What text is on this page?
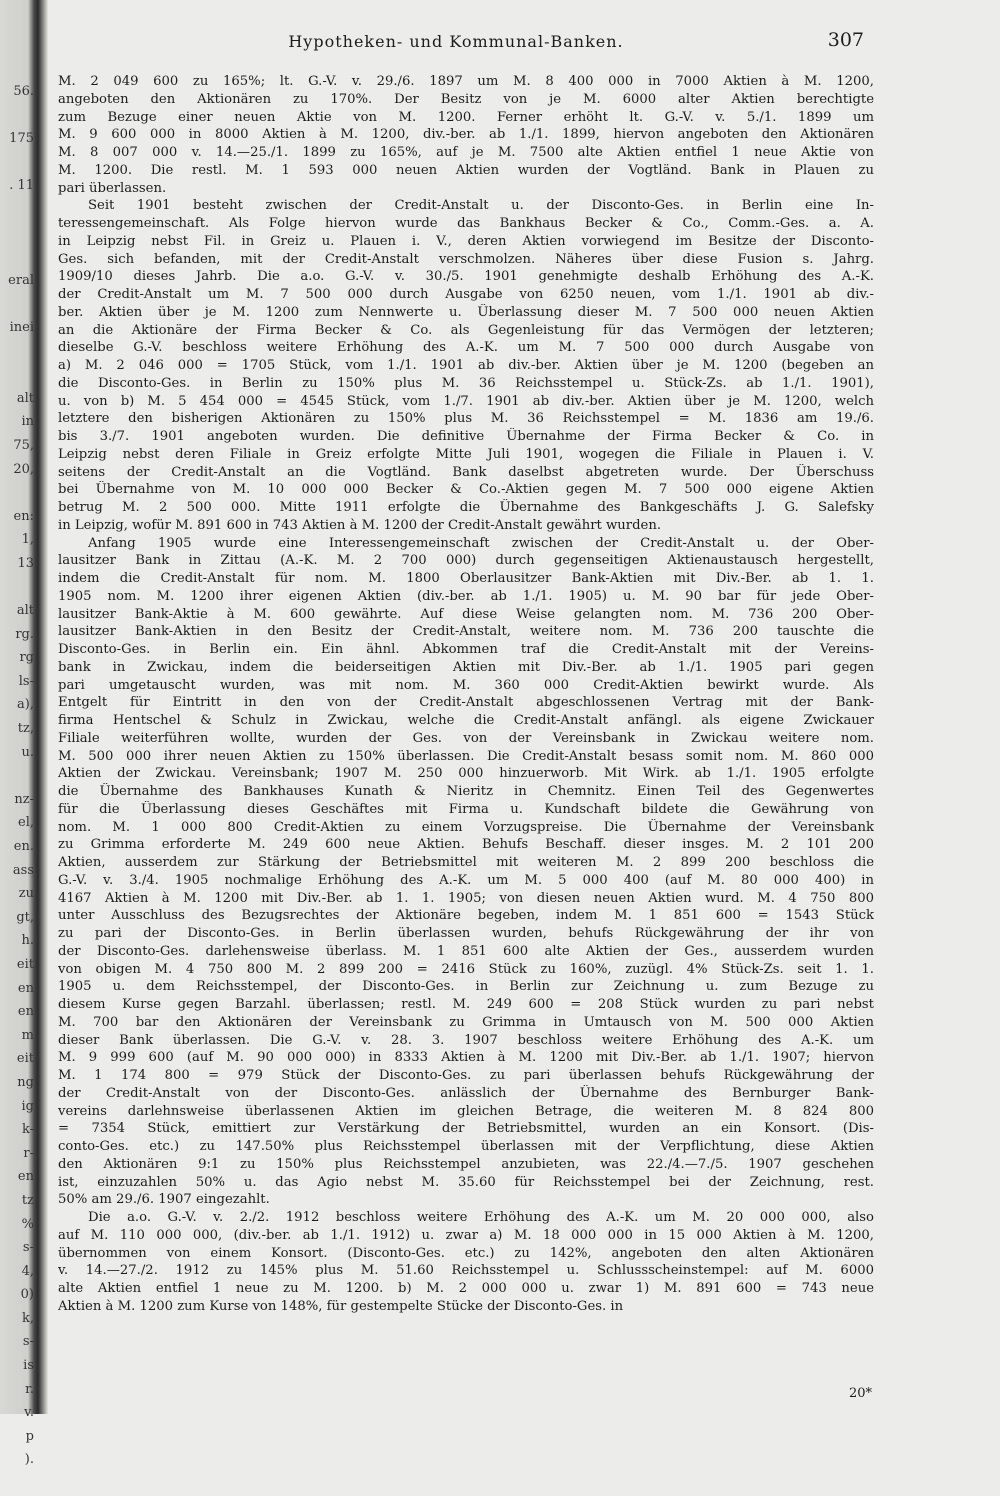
56.
175
. 11
eral
inei
alt
in
75,
20,
en:
1,
13
alt
rg.
rg
ls-
a),
tz,
u.
nz-
el,
en.
ass
zu
gt,
h.
eit
en
en
m
eit
ng
ig
k-
r-
en
tz
%
s-
4,
0)
k,
s-
is
r.
v.
p
).
Hypotheken- und Kommunal-Banken.	307
M. 2 049 600 zu 165%; lt. G.-V. v. 29./6. 1897 um M. 8 400 000 in 7000 Aktien à M. 1200,
angeboten den Aktionären zu 170%. Der Besitz von je M. 6000 alter Aktien berechtigte
zum Bezuge einer neuen Aktie von M. 1200. Ferner erhöht lt. G.-V. v. 5./1. 1899 um
M. 9 600 000 in 8000 Aktien à M. 1200, div.-ber. ab 1./1. 1899, hiervon angeboten den Aktionären
M. 8 007 000 v. 14.—25./1. 1899 zu 165%, auf je M. 7500 alte Aktien entfiel 1 neue Aktie von
M. 1200. Die restl. M. 1 593 000 neuen Aktien wurden der Vogtländ. Bank in Plauen zu
pari überlassen.
Seit 1901 besteht zwischen der Credit-Anstalt u. der Disconto-Ges. in Berlin eine In-
teressengemeinschaft. Als Folge hiervon wurde das Bankhaus Becker & Co., Comm.-Ges. a. A.
in Leipzig nebst Fil. in Greiz u. Plauen i. V., deren Aktien vorwiegend im Besitze der Disconto-
Ges. sich befanden, mit der Credit-Anstalt verschmolzen. Näheres über diese Fusion s. Jahrg.
1909/10 dieses Jahrb. Die a.o. G.-V. v. 30./5. 1901 genehmigte deshalb Erhöhung des A.-K.
der Credit-Anstalt um M. 7 500 000 durch Ausgabe von 6250 neuen, vom 1./1. 1901 ab div.-
ber. Aktien über je M. 1200 zum Nennwerte u. Überlassung dieser M. 7 500 000 neuen Aktien
an die Aktionäre der Firma Becker & Co. als Gegenleistung für das Vermögen der letzteren;
dieselbe G.-V. beschloss weitere Erhöhung des A.-K. um M. 7 500 000 durch Ausgabe von
a) M. 2 046 000 = 1705 Stück, vom 1./1. 1901 ab div.-ber. Aktien über je M. 1200 (begeben an
die Disconto-Ges. in Berlin zu 150% plus M. 36 Reichsstempel u. Stück-Zs. ab 1./1. 1901),
u. von b) M. 5 454 000 = 4545 Stück, vom 1./7. 1901 ab div.-ber. Aktien über je M. 1200, welch
letztere den bisherigen Aktionären zu 150% plus M. 36 Reichsstempel = M. 1836 am 19./6.
bis 3./7. 1901 angeboten wurden. Die definitive Übernahme der Firma Becker & Co. in
Leipzig nebst deren Filiale in Greiz erfolgte Mitte Juli 1901, wogegen die Filiale in Plauen i. V.
seitens der Credit-Anstalt an die Vogtländ. Bank daselbst abgetreten wurde. Der Überschuss
bei Übernahme von M. 10 000 000 Becker & Co.-Aktien gegen M. 7 500 000 eigene Aktien
betrug M. 2 500 000. Mitte 1911 erfolgte die Übernahme des Bankgeschäfts J. G. Salefsky
in Leipzig, wofür M. 891 600 in 743 Aktien à M. 1200 der Credit-Anstalt gewährt wurden.
Anfang 1905 wurde eine Interessengemeinschaft zwischen der Credit-Anstalt u. der Ober-
lausitzer Bank in Zittau (A.-K. M. 2 700 000) durch gegenseitigen Aktienaustausch hergestellt,
indem die Credit-Anstalt für nom. M. 1800 Oberlausitzer Bank-Aktien mit Div.-Ber. ab 1. 1.
1905 nom. M. 1200 ihrer eigenen Aktien (div.-ber. ab 1./1. 1905) u. M. 90 bar für jede Ober-
lausitzer Bank-Aktie à M. 600 gewährte. Auf diese Weise gelangten nom. M. 736 200 Ober-
lausitzer Bank-Aktien in den Besitz der Credit-Anstalt, weitere nom. M. 736 200 tauschte die
Disconto-Ges. in Berlin ein. Ein ähnl. Abkommen traf die Credit-Anstalt mit der Vereins-
bank in Zwickau, indem die beiderseitigen Aktien mit Div.-Ber. ab 1./1. 1905 pari gegen
pari umgetauscht wurden, was mit nom. M. 360 000 Credit-Aktien bewirkt wurde. Als
Entgelt für Eintritt in den von der Credit-Anstalt abgeschlossenen Vertrag mit der Bank-
firma Hentschel & Schulz in Zwickau, welche die Credit-Anstalt anfängl. als eigene Zwickauer
Filiale weiterführen wollte, wurden der Ges. von der Vereinsbank in Zwickau weitere nom.
M. 500 000 ihrer neuen Aktien zu 150% überlassen. Die Credit-Anstalt besass somit nom. M. 860 000
Aktien der Zwickau. Vereinsbank; 1907 M. 250 000 hinzuerworb. Mit Wirk. ab 1./1. 1905 erfolgte
die Übernahme des Bankhauses Kunath & Nieritz in Chemnitz. Einen Teil des Gegenwertes
für die Überlassung dieses Geschäftes mit Firma u. Kundschaft bildete die Gewährung von
nom. M. 1 000 800 Credit-Aktien zu einem Vorzugspreise. Die Übernahme der Vereinsbank
zu Grimma erforderte M. 249 600 neue Aktien. Behufs Beschaff. dieser insges. M. 2 101 200
Aktien, ausserdem zur Stärkung der Betriebsmittel mit weiteren M. 2 899 200 beschloss die
G.-V. v. 3./4. 1905 nochmalige Erhöhung des A.-K. um M. 5 000 400 (auf M. 80 000 400) in
4167 Aktien à M. 1200 mit Div.-Ber. ab 1. 1. 1905; von diesen neuen Aktien wurd. M. 4 750 800
unter Ausschluss des Bezugsrechtes der Aktionäre begeben, indem M. 1 851 600 = 1543 Stück
zu pari der Disconto-Ges. in Berlin überlassen wurden, behufs Rückgewährung der ihr von
der Disconto-Ges. darlehensweise überlass. M. 1 851 600 alte Aktien der Ges., ausserdem wurden
von obigen M. 4 750 800 M. 2 899 200 = 2416 Stück zu 160%, zuzügl. 4% Stück-Zs. seit 1. 1.
1905 u. dem Reichsstempel, der Disconto-Ges. in Berlin zur Zeichnung u. zum Bezuge zu
diesem Kurse gegen Barzahl. überlassen; restl. M. 249 600 = 208 Stück wurden zu pari nebst
M. 700 bar den Aktionären der Vereinsbank zu Grimma in Umtausch von M. 500 000 Aktien
dieser Bank überlassen. Die G.-V. v. 28. 3. 1907 beschloss weitere Erhöhung des A.-K. um
M. 9 999 600 (auf M. 90 000 000) in 8333 Aktien à M. 1200 mit Div.-Ber. ab 1./1. 1907; hiervon
M. 1 174 800 = 979 Stück der Disconto-Ges. zu pari überlassen behufs Rückgewährung der
der Credit-Anstalt von der Disconto-Ges. anlässlich der Übernahme des Bernburger Bank-
vereins darlehnsweise überlassenen Aktien im gleichen Betrage, die weiteren M. 8 824 800
= 7354 Stück, emittiert zur Verstärkung der Betriebsmittel, wurden an ein Konsort. (Dis-
conto-Ges. etc.) zu 147.50% plus Reichsstempel überlassen mit der Verpflichtung, diese Aktien
den Aktionären 9:1 zu 150% plus Reichsstempel anzubieten, was 22./4.—7./5. 1907 geschehen
ist, einzuzahlen 50% u. das Agio nebst M. 35.60 für Reichsstempel bei der Zeichnung, rest.
50% am 29./6. 1907 eingezahlt.
Die a.o. G.-V. v. 2./2. 1912 beschloss weitere Erhöhung des A.-K. um M. 20 000 000, also
auf M. 110 000 000, (div.-ber. ab 1./1. 1912) u. zwar a) M. 18 000 000 in 15 000 Aktien à M. 1200,
übernommen von einem Konsort. (Disconto-Ges. etc.) zu 142%, angeboten den alten Aktionären
v. 14.—27./2. 1912 zu 145% plus M. 51.60 Reichsstempel u. Schlussscheinstempel: auf M. 6000
alte Aktien entfiel 1 neue zu M. 1200. b) M. 2 000 000 u. zwar 1) M. 891 600 = 743 neue
Aktien à M. 1200 zum Kurse von 148%, für gestempelte Stücke der Disconto-Ges. in
20*
